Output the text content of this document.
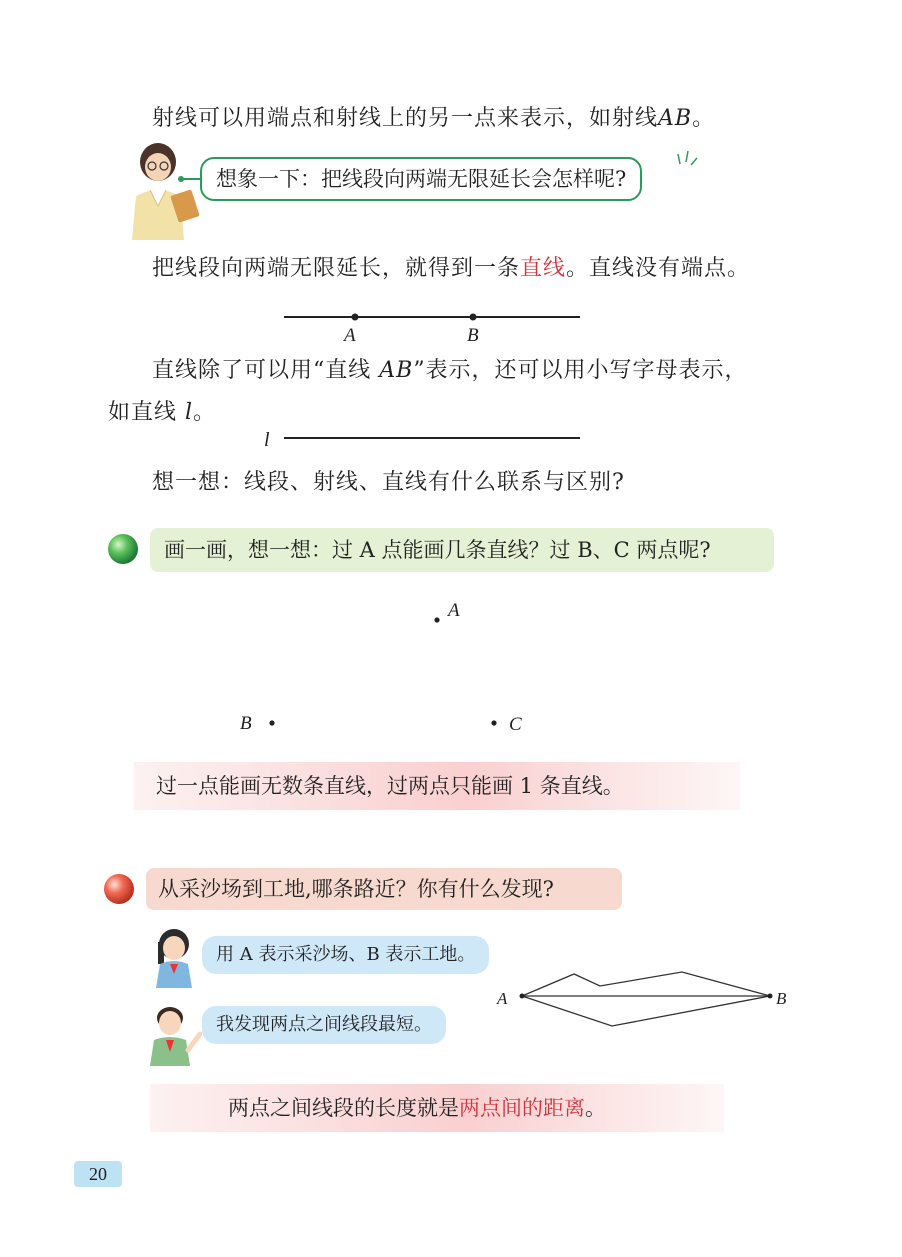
射线可以用端点和射线上的另一点来表示，如射线AB。
想象一下：把线段向两端无限延长会怎样呢?
把线段向两端无限延长，就得到一条直线。直线没有端点。
A	B
直线除了可以用“直线 AB”表示，还可以用小写字母表示，
如直线 l。
l
想一想：线段、射线、直线有什么联系与区别?
画一画，想一想：过 A 点能画几条直线？过 B、C 两点呢?
A
B	C
过一点能画无数条直线，过两点只能画 1 条直线。
从采沙场到工地,哪条路近？你有什么发现?
用 A 表示采沙场、B 表示工地。
我发现两点之间线段最短。
A	B
两点之间线段的长度就是两点间的距离。
20
